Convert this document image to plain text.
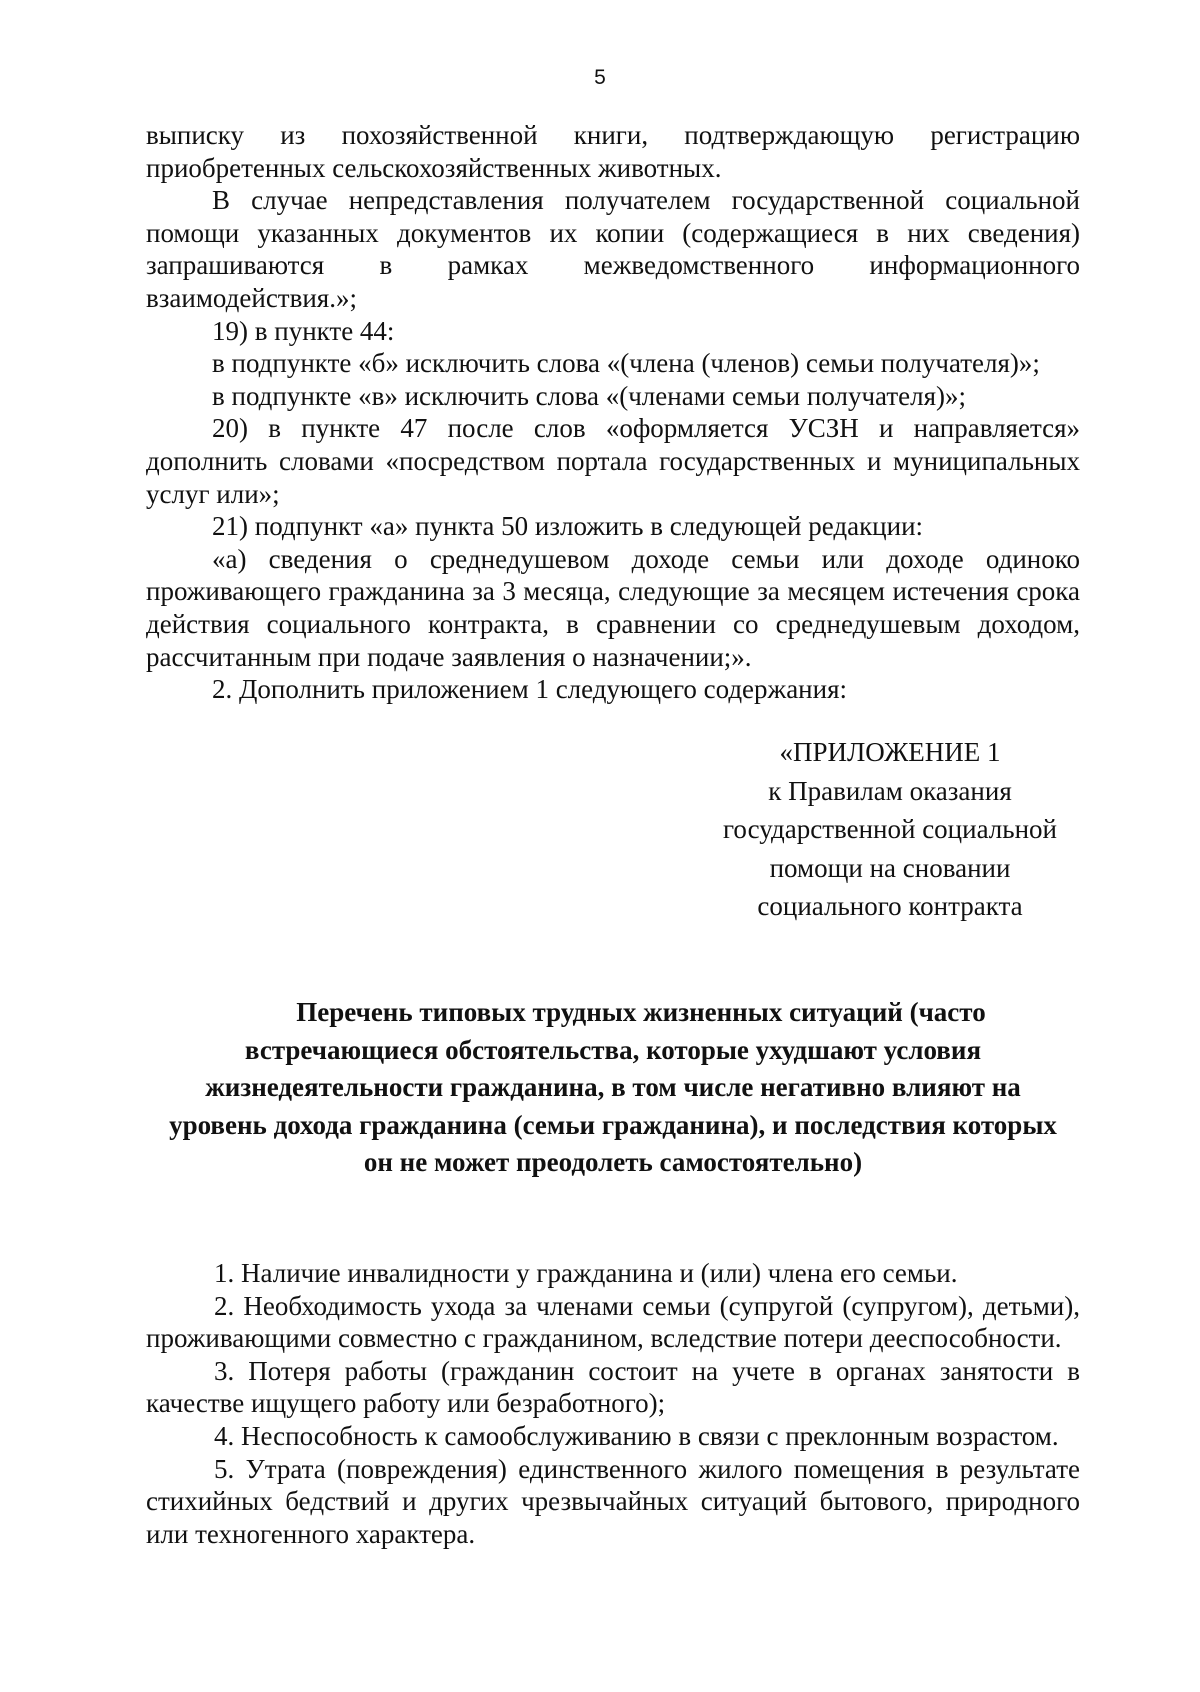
5

выписку из похозяйственной книги, подтверждающую регистрацию приобретенных сельскохозяйственных животных.

В случае непредставления получателем государственной социальной помощи указанных документов их копии (содержащиеся в них сведения) запрашиваются в рамках межведомственного информационного взаимодействия.»;

19) в пункте 44:

в подпункте «б» исключить слова «(члена (членов) семьи получателя)»;

в подпункте «в» исключить слова «(членами семьи получателя)»;

20) в пункте 47 после слов «оформляется УСЗН и направляется» дополнить словами «посредством портала государственных и муниципальных услуг или»;

21) подпункт «а» пункта 50 изложить в следующей редакции:

«а) сведения о среднедушевом доходе семьи или доходе одиноко проживающего гражданина за 3 месяца, следующие за месяцем истечения срока действия социального контракта, в сравнении со среднедушевым доходом, рассчитанным при подаче заявления о назначении;».

2. Дополнить приложением 1 следующего содержания:

«ПРИЛОЖЕНИЕ 1
к Правилам оказания
государственной социальной
помощи на сновании
социального контракта
Перечень типовых трудных жизненных ситуаций (часто
встречающиеся обстоятельства, которые ухудшают условия
жизнедеятельности гражданина, в том числе негативно влияют на
уровень дохода гражданина (семьи гражданина), и последствия которых
он не может преодолеть самостоятельно)

1. Наличие инвалидности у гражданина и (или) члена его семьи.

2. Необходимость ухода за членами семьи (супругой (супругом), детьми), проживающими совместно с гражданином, вследствие потери дееспособности.

3. Потеря работы (гражданин состоит на учете в органах занятости в качестве ищущего работу или безработного);

4. Неспособность к самообслуживанию в связи с преклонным возрастом.

5. Утрата (повреждения) единственного жилого помещения в результате стихийных бедствий и других чрезвычайных ситуаций бытового, природного или техногенного характера.
